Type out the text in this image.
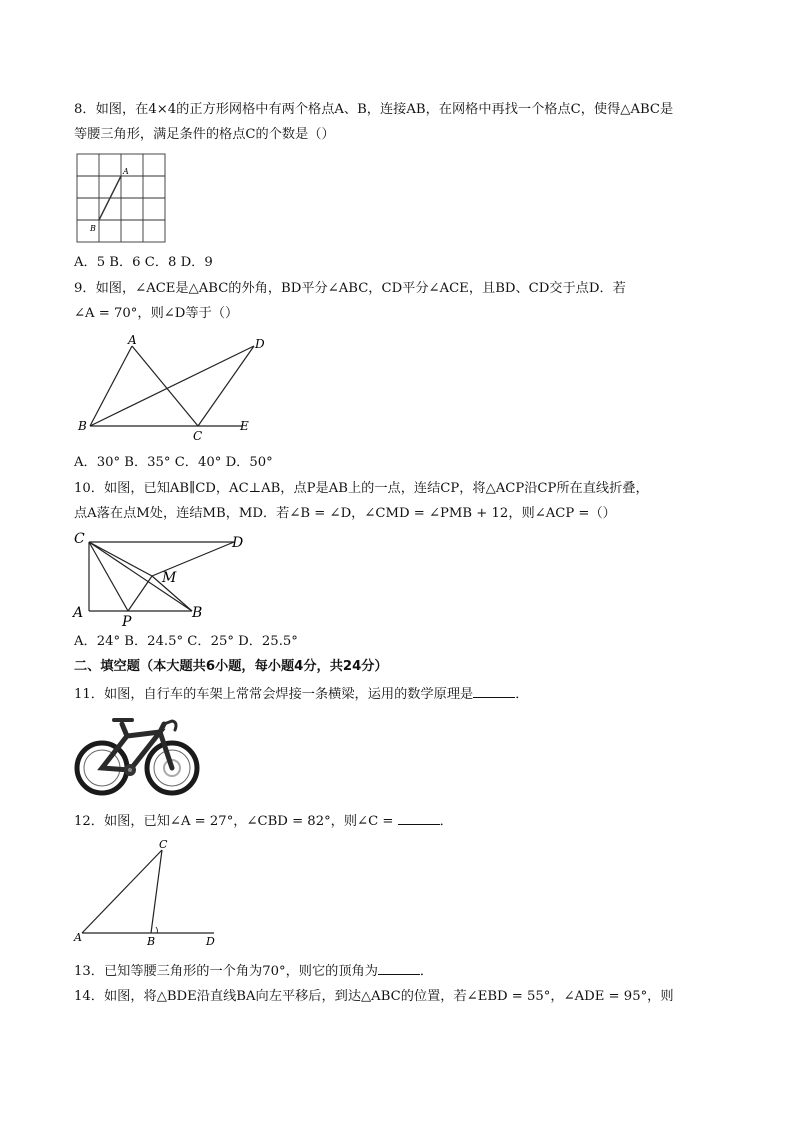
8．如图，在4×4的正方形网格中有两个格点A、B，连接AB，在网格中再找一个格点C，使得△ABC是
等腰三角形，满足条件的格点C的个数是（）
A
B
A．5 B．6 C．8 D．9
9．如图，∠ACE是△ABC的外角，BD平分∠ABC，CD平分∠ACE，且BD、CD交于点D．若
∠A = 70°，则∠D等于（）
A
B
C
D
E
A．30° B．35° C．40° D．50°
10．如图，已知AB∥CD，AC⊥AB，点P是AB上的一点，连结CP，将△ACP沿CP所在直线折叠，
点A落在点M处，连结MB，MD．若∠B = ∠D，∠CMD = ∠PMB + 12，则∠ACP =（）
C	D
M
A
P
B
A．24° B．24.5° C．25° D．25.5°
二、填空题（本大题共6小题，每小题4分，共24分）
11．如图，自行车的车架上常常会焊接一条横梁，运用的数学原理是	．
12．如图，已知∠A = 27°，∠CBD = 82°，则∠C =	．
C
A	B	D
13．已知等腰三角形的一个角为70°，则它的顶角为	．
14．如图，将△BDE沿直线BA向左平移后，到达△ABC的位置，若∠EBD = 55°，∠ADE = 95°，则
